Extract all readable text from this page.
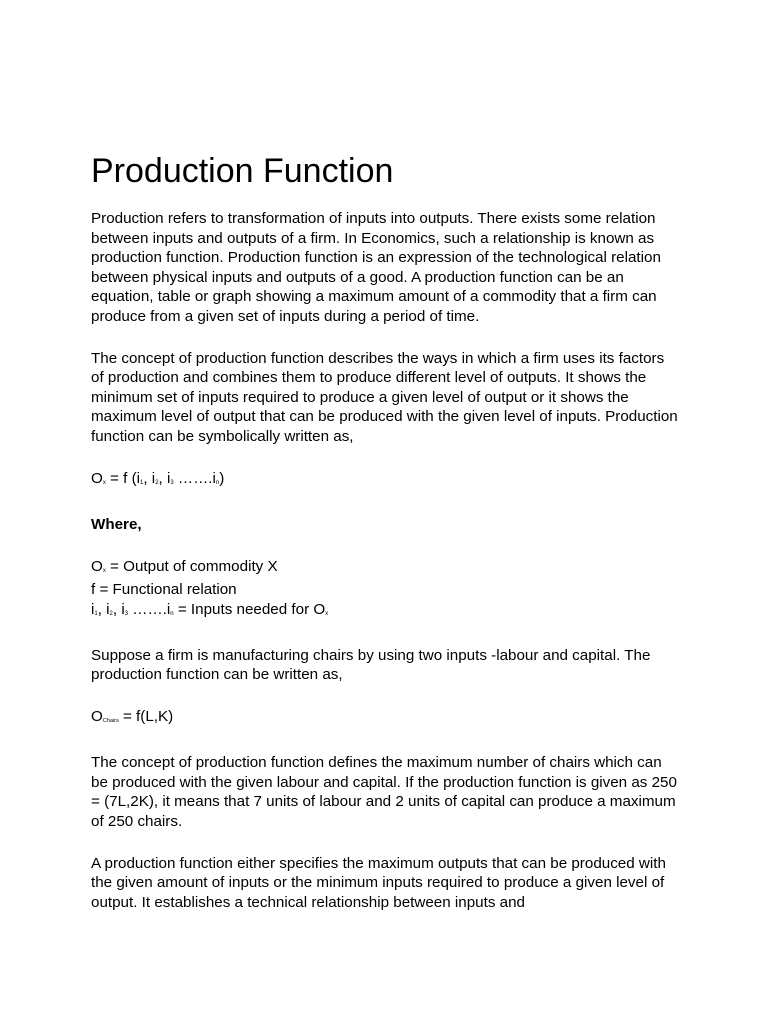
Production Function

Production refers to transformation of inputs into outputs. There exists some relation between inputs and outputs of a firm. In Economics, such a relationship is known as production function. Production function is an expression of the technological relation between physical inputs and outputs of a good. A production function can be an equation, table or graph showing a maximum amount of a commodity that a firm can produce from a given set of inputs during a period of time.

The concept of production function describes the ways in which a firm uses its factors of production and combines them to produce different level of outputs. It shows the minimum set of inputs required to produce a given level of output or it shows the maximum level of output that can be produced with the given level of inputs. Production function can be symbolically written as,

$O_x = f$ ($i_1$, $i_2$, $i_3$ $\dots\dots.i_n$)

Where,

$O_x$ = Output of commodity X
f = Functional relation
$i_1$, $i_2$, $i_3$ $\dots\dots.i_n$ = Inputs needed for $O_x$

Suppose a firm is manufacturing chairs by using two inputs -labour and capital. The production function can be written as,

$O_{Chairs} = f(L,K)$

The concept of production function defines the maximum number of chairs which can be produced with the given labour and capital. If the production function is given as 250 = (7L,2K), it means that 7 units of labour and 2 units of capital can produce a maximum of 250 chairs.

A production function either specifies the maximum outputs that can be produced with the given amount of inputs or the minimum inputs required to produce a given level of output. It establishes a technical relationship between inputs and
